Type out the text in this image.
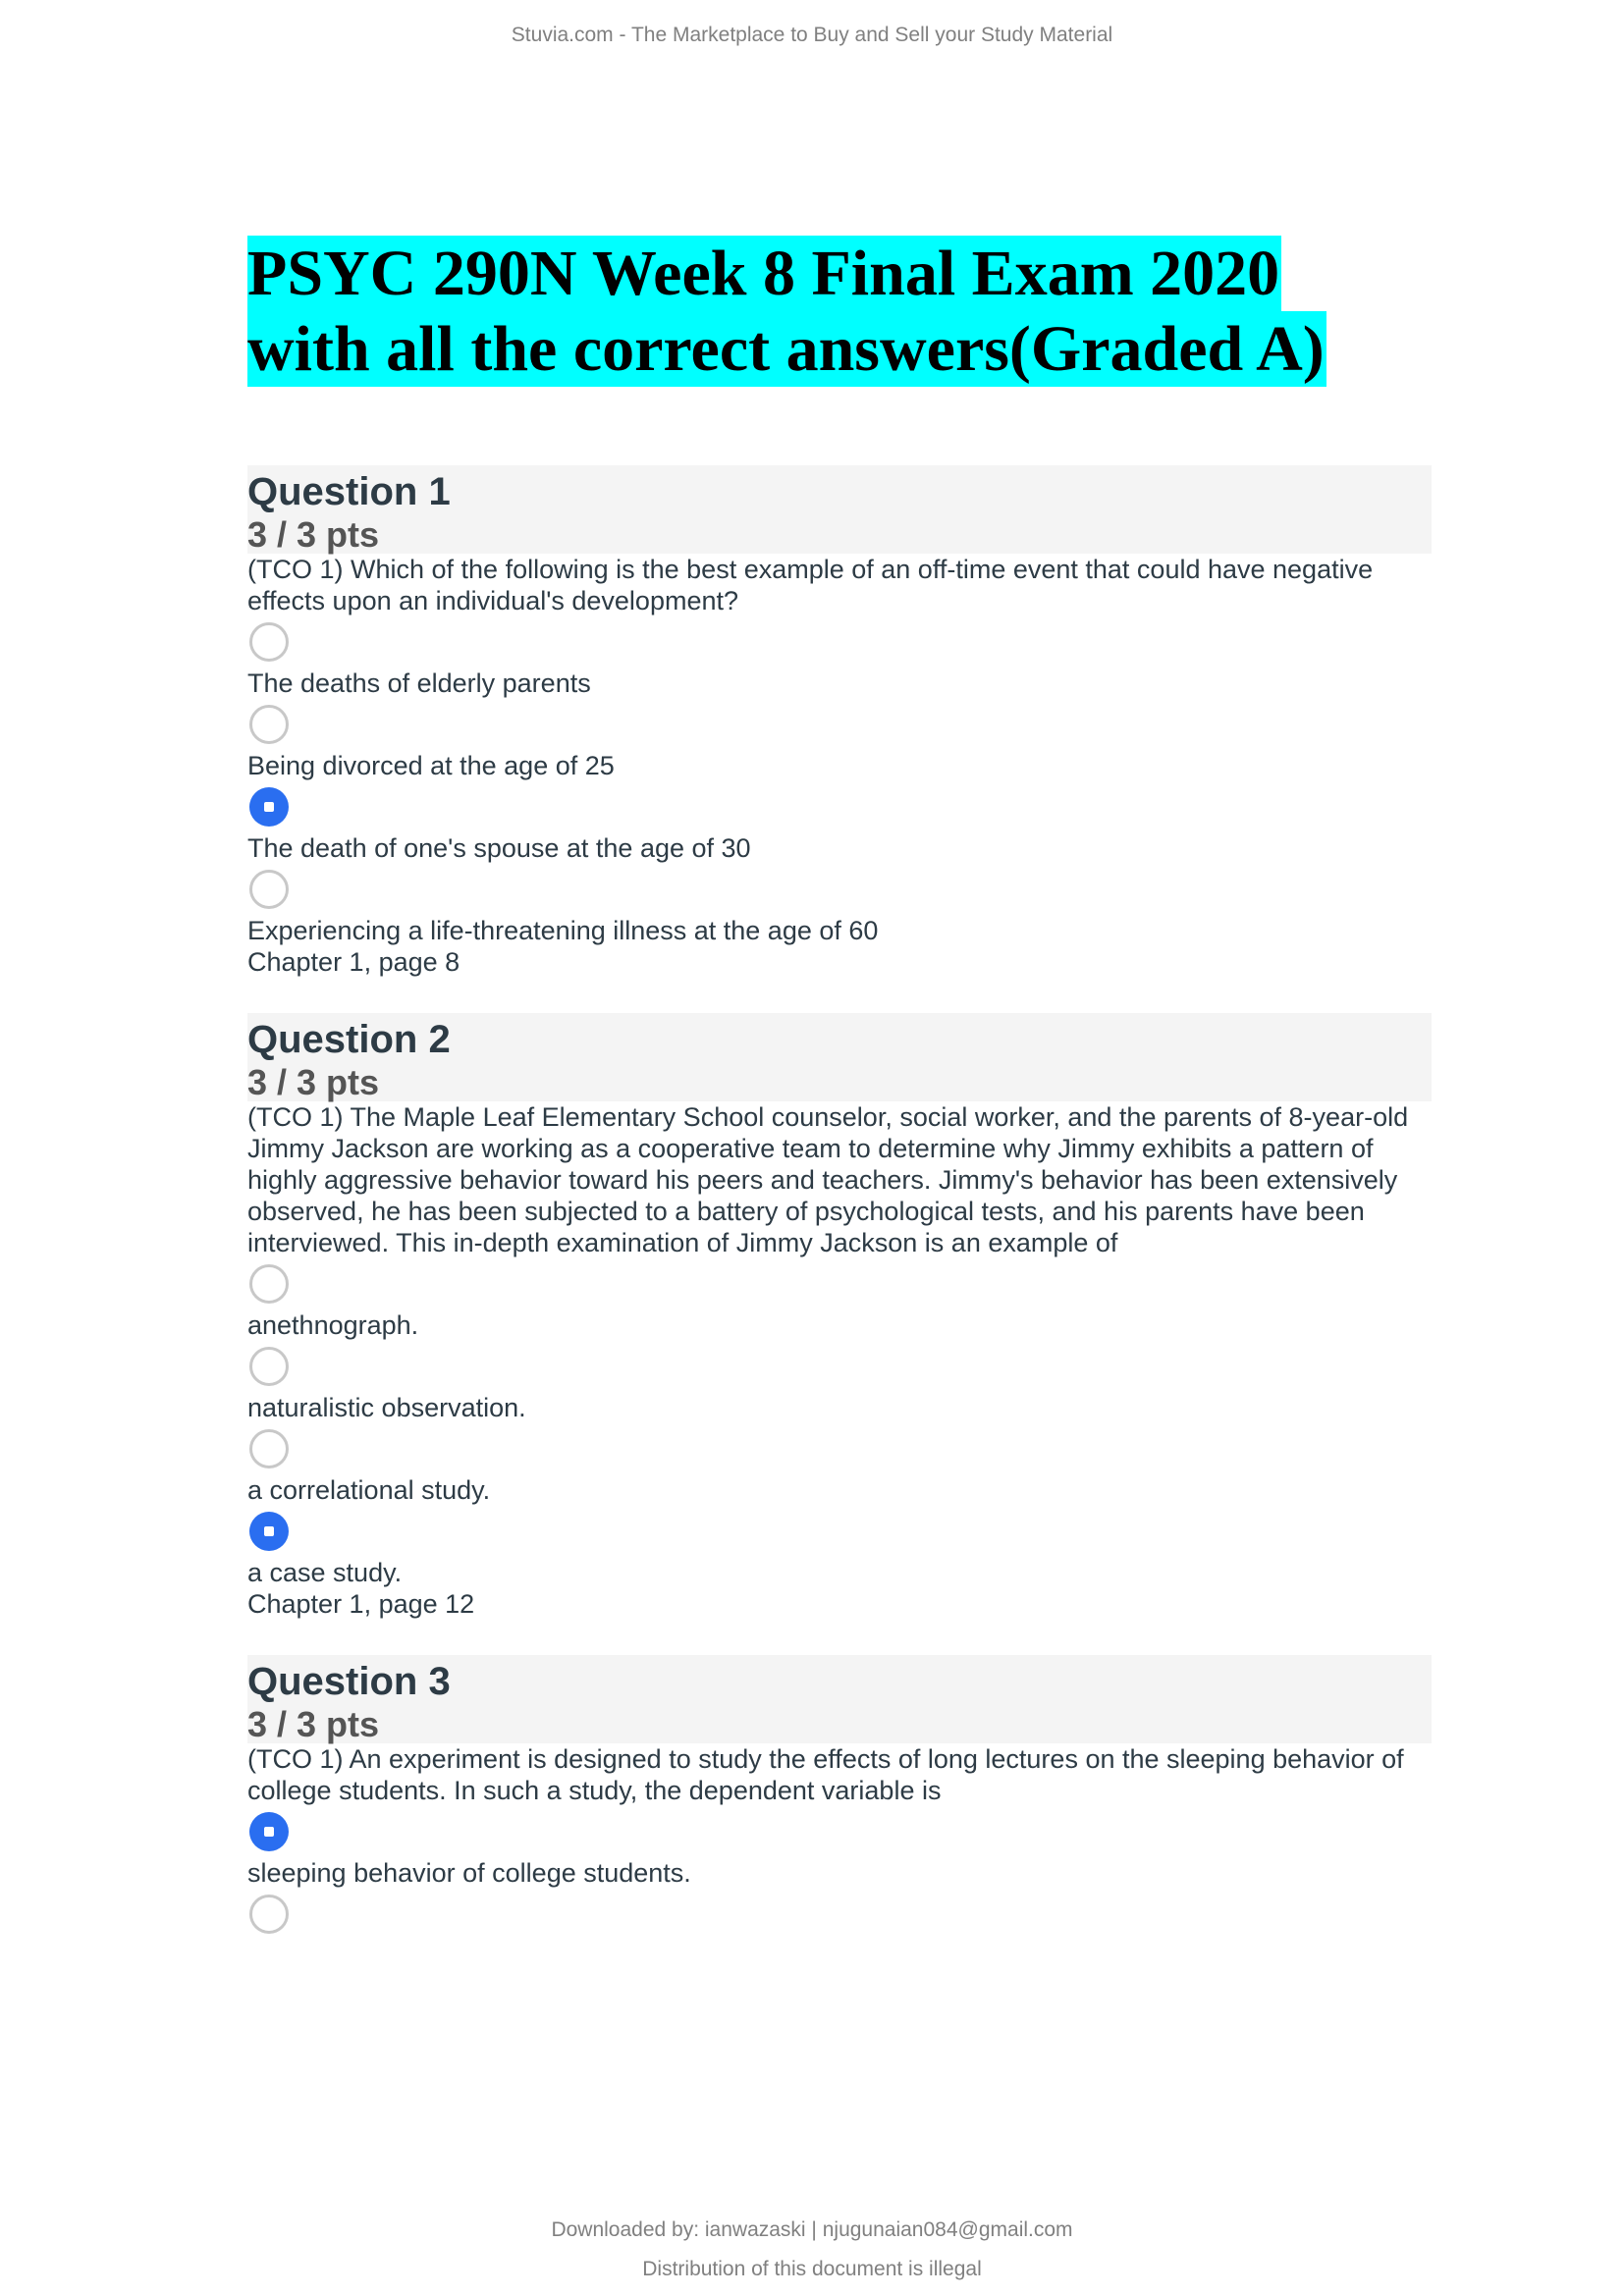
Stuvia.com - The Marketplace to Buy and Sell your Study Material
PSYC 290N Week 8 Final Exam 2020
with all the correct answers(Graded A)
Question 1
3 / 3 pts
(TCO 1) Which of the following is the best example of an off-time event that could have negative effects upon an individual's development?
The deaths of elderly parents
Being divorced at the age of 25
The death of one's spouse at the age of 30
Experiencing a life-threatening illness at the age of 60
Chapter 1, page 8
Question 2
3 / 3 pts
(TCO 1) The Maple Leaf Elementary School counselor, social worker, and the parents of 8-year-old Jimmy Jackson are working as a cooperative team to determine why Jimmy exhibits a pattern of highly aggressive behavior toward his peers and teachers. Jimmy's behavior has been extensively observed, he has been subjected to a battery of psychological tests, and his parents have been interviewed. This in-depth examination of Jimmy Jackson is an example of
anethnograph.
naturalistic observation.
a correlational study.
a case study.
Chapter 1, page 12
Question 3
3 / 3 pts
(TCO 1) An experiment is designed to study the effects of long lectures on the sleeping behavior of college students. In such a study, the dependent variable is
sleeping behavior of college students.
Downloaded by: ianwazaski | njugunaian084@gmail.com
Distribution of this document is illegal
